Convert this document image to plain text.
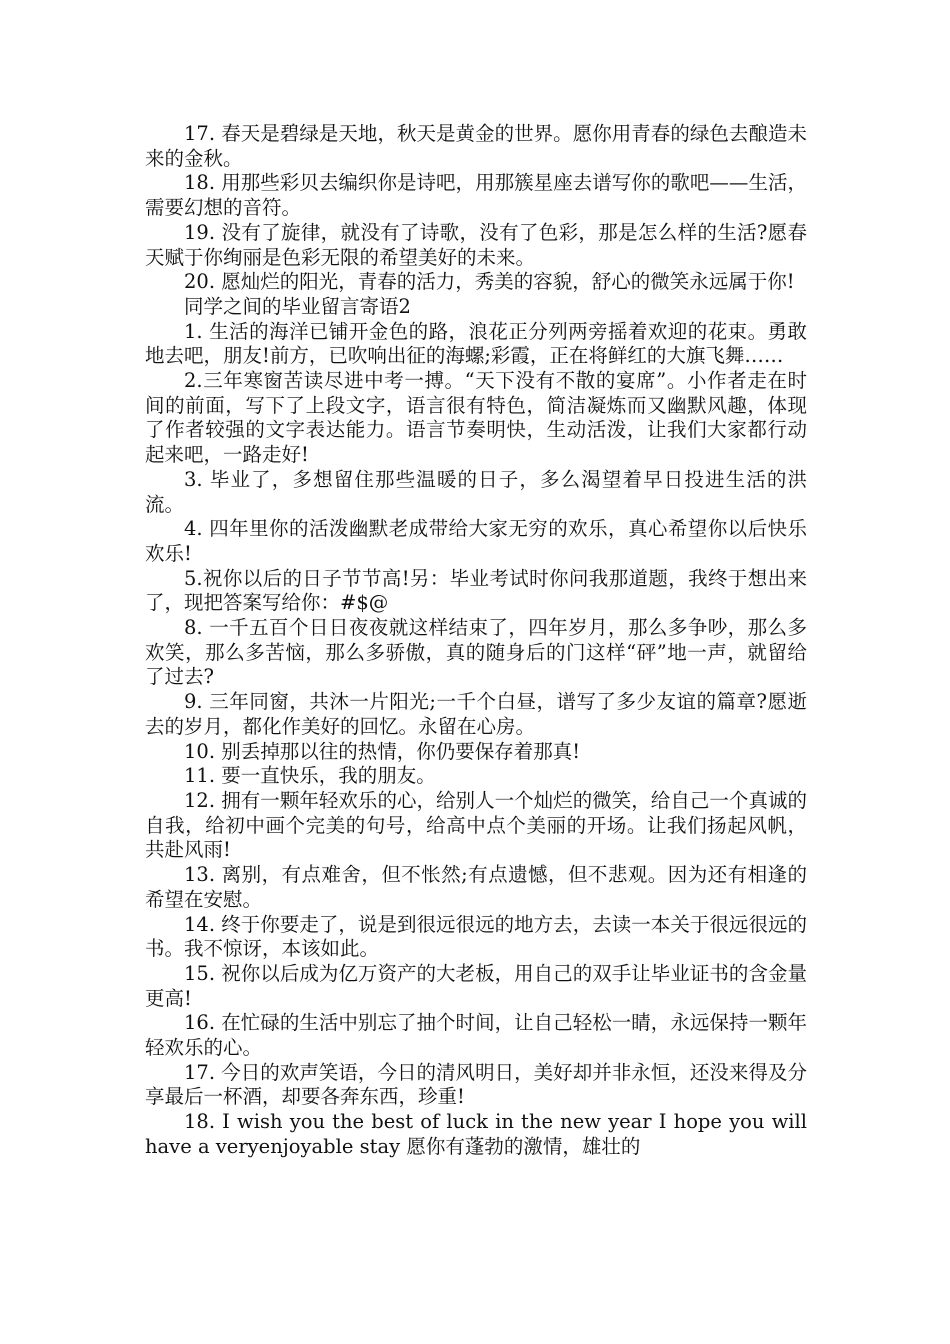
17. 春天是碧绿是天地，秋天是黄金的世界。愿你用青春的绿色去酿造未来的金秋。

18. 用那些彩贝去编织你是诗吧，用那簇星座去谱写你的歌吧——生活，需要幻想的音符。

19. 没有了旋律，就没有了诗歌，没有了色彩，那是怎么样的生活?愿春天赋于你绚丽是色彩无限的希望美好的未来。

20. 愿灿烂的阳光，青春的活力，秀美的容貌，舒心的微笑永远属于你!

同学之间的毕业留言寄语2

1. 生活的海洋已铺开金色的路，浪花正分列两旁摇着欢迎的花束。勇敢地去吧，朋友!前方，已吹响出征的海螺;彩霞，正在将鲜红的大旗飞舞……

2.三年寒窗苦读尽进中考一搏。“天下没有不散的宴席”。小作者走在时间的前面，写下了上段文字，语言很有特色，简洁凝炼而又幽默风趣，体现了作者较强的文字表达能力。语言节奏明快，生动活泼，让我们大家都行动起来吧，一路走好!

3. 毕业了，多想留住那些温暖的日子，多么渴望着早日投进生活的洪流。

4. 四年里你的活泼幽默老成带给大家无穷的欢乐，真心希望你以后快乐欢乐!

5.祝你以后的日子节节高!另：毕业考试时你问我那道题，我终于想出来了，现把答案写给你：#$@

8. 一千五百个日日夜夜就这样结束了，四年岁月，那么多争吵，那么多欢笑，那么多苦恼，那么多骄傲，真的随身后的门这样“砰”地一声，就留给了过去?

9. 三年同窗，共沐一片阳光;一千个白昼，谱写了多少友谊的篇章?愿逝去的岁月，都化作美好的回忆。永留在心房。

10. 别丢掉那以往的热情，你仍要保存着那真!

11. 要一直快乐，我的朋友。

12. 拥有一颗年轻欢乐的心，给别人一个灿烂的微笑，给自己一个真诚的自我，给初中画个完美的句号，给高中点个美丽的开场。让我们扬起风帆，共赴风雨!

13. 离别，有点难舍，但不怅然;有点遗憾，但不悲观。因为还有相逢的希望在安慰。

14. 终于你要走了，说是到很远很远的地方去，去读一本关于很远很远的书。我不惊讶，本该如此。

15. 祝你以后成为亿万资产的大老板，用自己的双手让毕业证书的含金量更高!

16. 在忙碌的生活中别忘了抽个时间，让自己轻松一睛，永远保持一颗年轻欢乐的心。

17. 今日的欢声笑语，今日的清风明日，美好却并非永恒，还没来得及分享最后一杯酒，却要各奔东西，珍重!

18. I wish you the best of luck in the new year I hope you will have a veryenjoyable stay 愿你有蓬勃的激情，雄壮的
